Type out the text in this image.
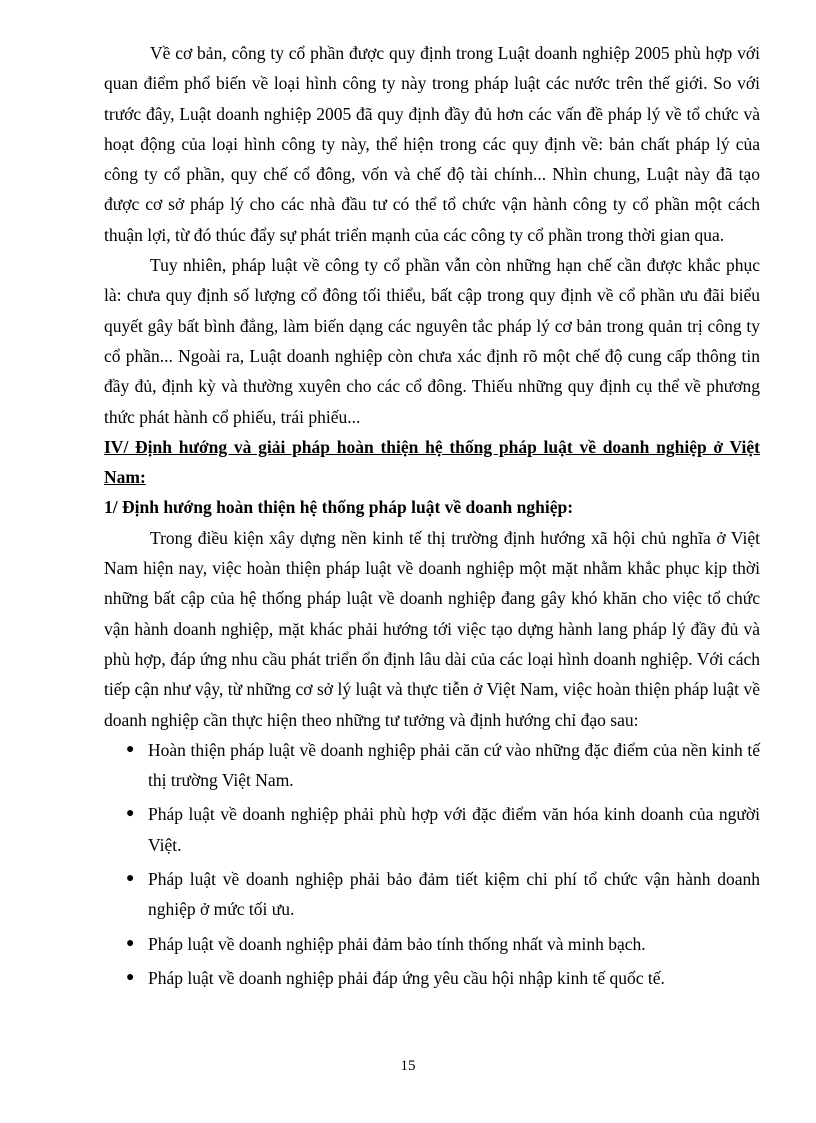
Về cơ bản, công ty cổ phần được quy định trong Luật doanh nghiệp 2005 phù hợp với quan điểm phổ biến về loại hình công ty này trong pháp luật các nước trên thế giới. So với trước đây, Luật doanh nghiệp 2005 đã quy định đầy đủ hơn các vấn đề pháp lý về tổ chức và hoạt động của loại hình công ty này, thể hiện trong các quy định về: bản chất pháp lý của công ty cổ phần, quy chế cổ đông, vốn và chế độ tài chính... Nhìn chung, Luật này đã tạo được cơ sở pháp lý cho các nhà đầu tư có thể tổ chức vận hành công ty cổ phần một cách thuận lợi, từ đó thúc đẩy sự phát triển mạnh của các công ty cổ phần trong thời gian qua.

Tuy nhiên, pháp luật về công ty cổ phần vẫn còn những hạn chế cần được khắc phục là: chưa quy định số lượng cổ đông tối thiểu, bất cập trong quy định về cổ phần ưu đãi biểu quyết gây bất bình đẳng, làm biến dạng các nguyên tắc pháp lý cơ bản trong quản trị công ty cổ phần... Ngoài ra, Luật doanh nghiệp còn chưa xác định rõ một chế độ cung cấp thông tin đầy đủ, định kỳ và thường xuyên cho các cổ đông. Thiếu những quy định cụ thể về phương thức phát hành cổ phiếu, trái phiếu...

IV/ Định hướng và giải pháp hoàn thiện hệ thống pháp luật về doanh nghiệp ở Việt Nam:

1/ Định hướng hoàn thiện hệ thống pháp luật về doanh nghiệp:

Trong điều kiện xây dựng nền kinh tế thị trường định hướng xã hội chủ nghĩa ở Việt Nam hiện nay, việc hoàn thiện pháp luật về doanh nghiệp một mặt nhằm khắc phục kịp thời những bất cập của hệ thống pháp luật về doanh nghiệp đang gây khó khăn cho việc tổ chức vận hành doanh nghiệp, mặt khác phải hướng tới việc tạo dựng hành lang pháp lý đầy đủ và phù hợp, đáp ứng nhu cầu phát triển ổn định lâu dài của các loại hình doanh nghiệp. Với cách tiếp cận như vậy, từ những cơ sở lý luật và thực tiễn ở Việt Nam, việc hoàn thiện pháp luật về doanh nghiệp cần thực hiện theo những tư tưởng và định hướng chỉ đạo sau:

● Hoàn thiện pháp luật về doanh nghiệp phải căn cứ vào những đặc điểm của nền kinh tế thị trường Việt Nam.
● Pháp luật về doanh nghiệp phải phù hợp với đặc điểm văn hóa kinh doanh của người Việt.
● Pháp luật về doanh nghiệp phải bảo đảm tiết kiệm chi phí tổ chức vận hành doanh nghiệp ở mức tối ưu.
● Pháp luật về doanh nghiệp phải đảm bảo tính thống nhất và minh bạch.
● Pháp luật về doanh nghiệp phải đáp ứng yêu cầu hội nhập kinh tế quốc tế.
15
